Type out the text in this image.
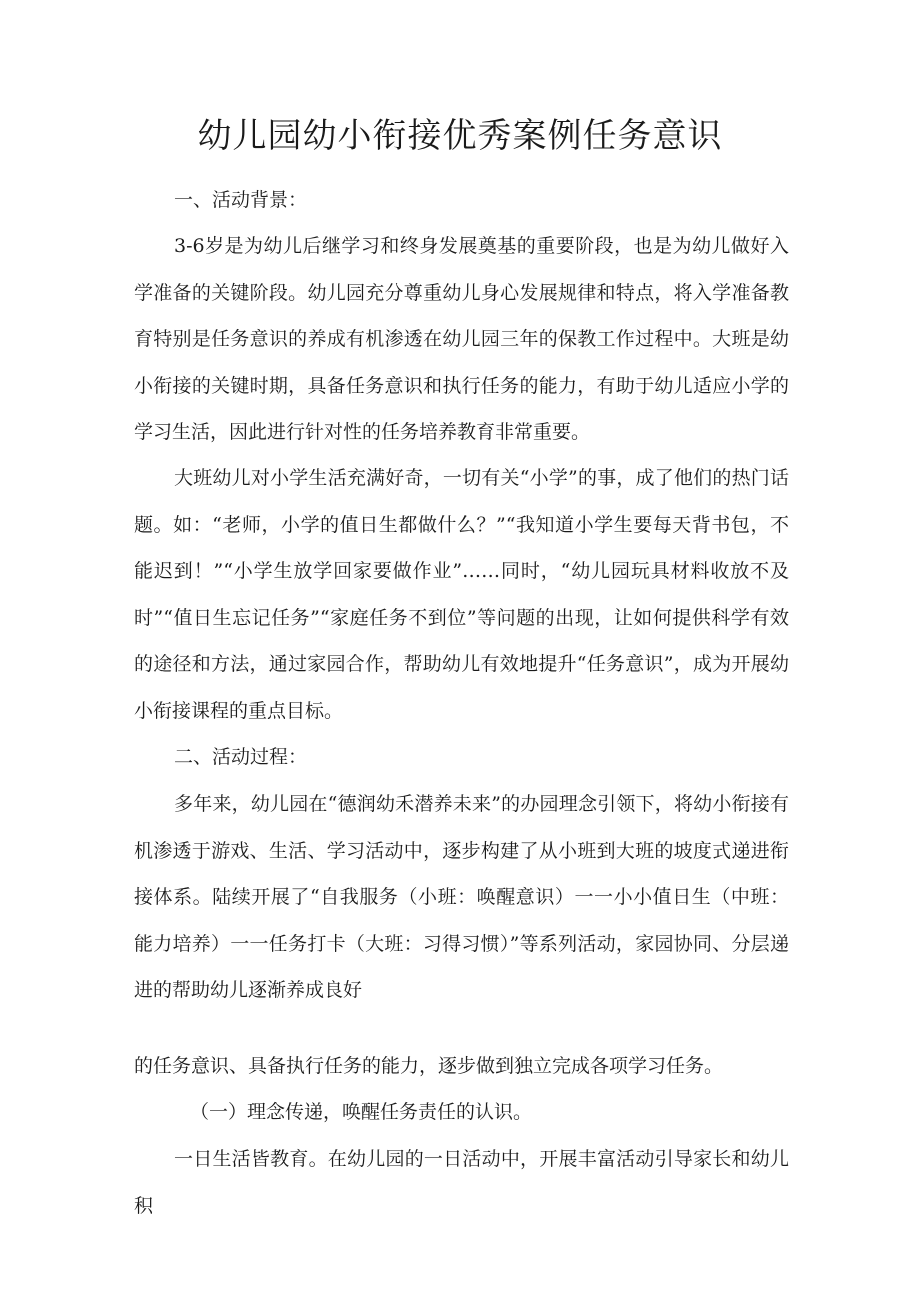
幼儿园幼小衔接优秀案例任务意识

一、活动背景：

3-6岁是为幼儿后继学习和终身发展奠基的重要阶段，也是为幼儿做好入学准备的关键阶段。幼儿园充分尊重幼儿身心发展规律和特点，将入学准备教育特别是任务意识的养成有机渗透在幼儿园三年的保教工作过程中。大班是幼小衔接的关键时期，具备任务意识和执行任务的能力，有助于幼儿适应小学的学习生活，因此进行针对性的任务培养教育非常重要。

大班幼儿对小学生活充满好奇，一切有关“小学”的事，成了他们的热门话题。如：“老师，小学的值日生都做什么？”“我知道小学生要每天背书包，不能迟到！”“小学生放学回家要做作业”……同时，“幼儿园玩具材料收放不及时”“值日生忘记任务”“家庭任务不到位”等问题的出现，让如何提供科学有效的途径和方法，通过家园合作，帮助幼儿有效地提升“任务意识”，成为开展幼小衔接课程的重点目标。

二、活动过程：

多年来，幼儿园在“德润幼禾潜养未来”的办园理念引领下，将幼小衔接有机渗透于游戏、生活、学习活动中，逐步构建了从小班到大班的坡度式递进衔接体系。陆续开展了“自我服务（小班：唤醒意识）一一小小值日生（中班：能力培养）一一任务打卡（大班：习得习惯）”等系列活动，家园协同、分层递进的帮助幼儿逐渐养成良好

的任务意识、具备执行任务的能力，逐步做到独立完成各项学习任务。

（一）理念传递，唤醒任务责任的认识。

一日生活皆教育。在幼儿园的一日活动中，开展丰富活动引导家长和幼儿积
